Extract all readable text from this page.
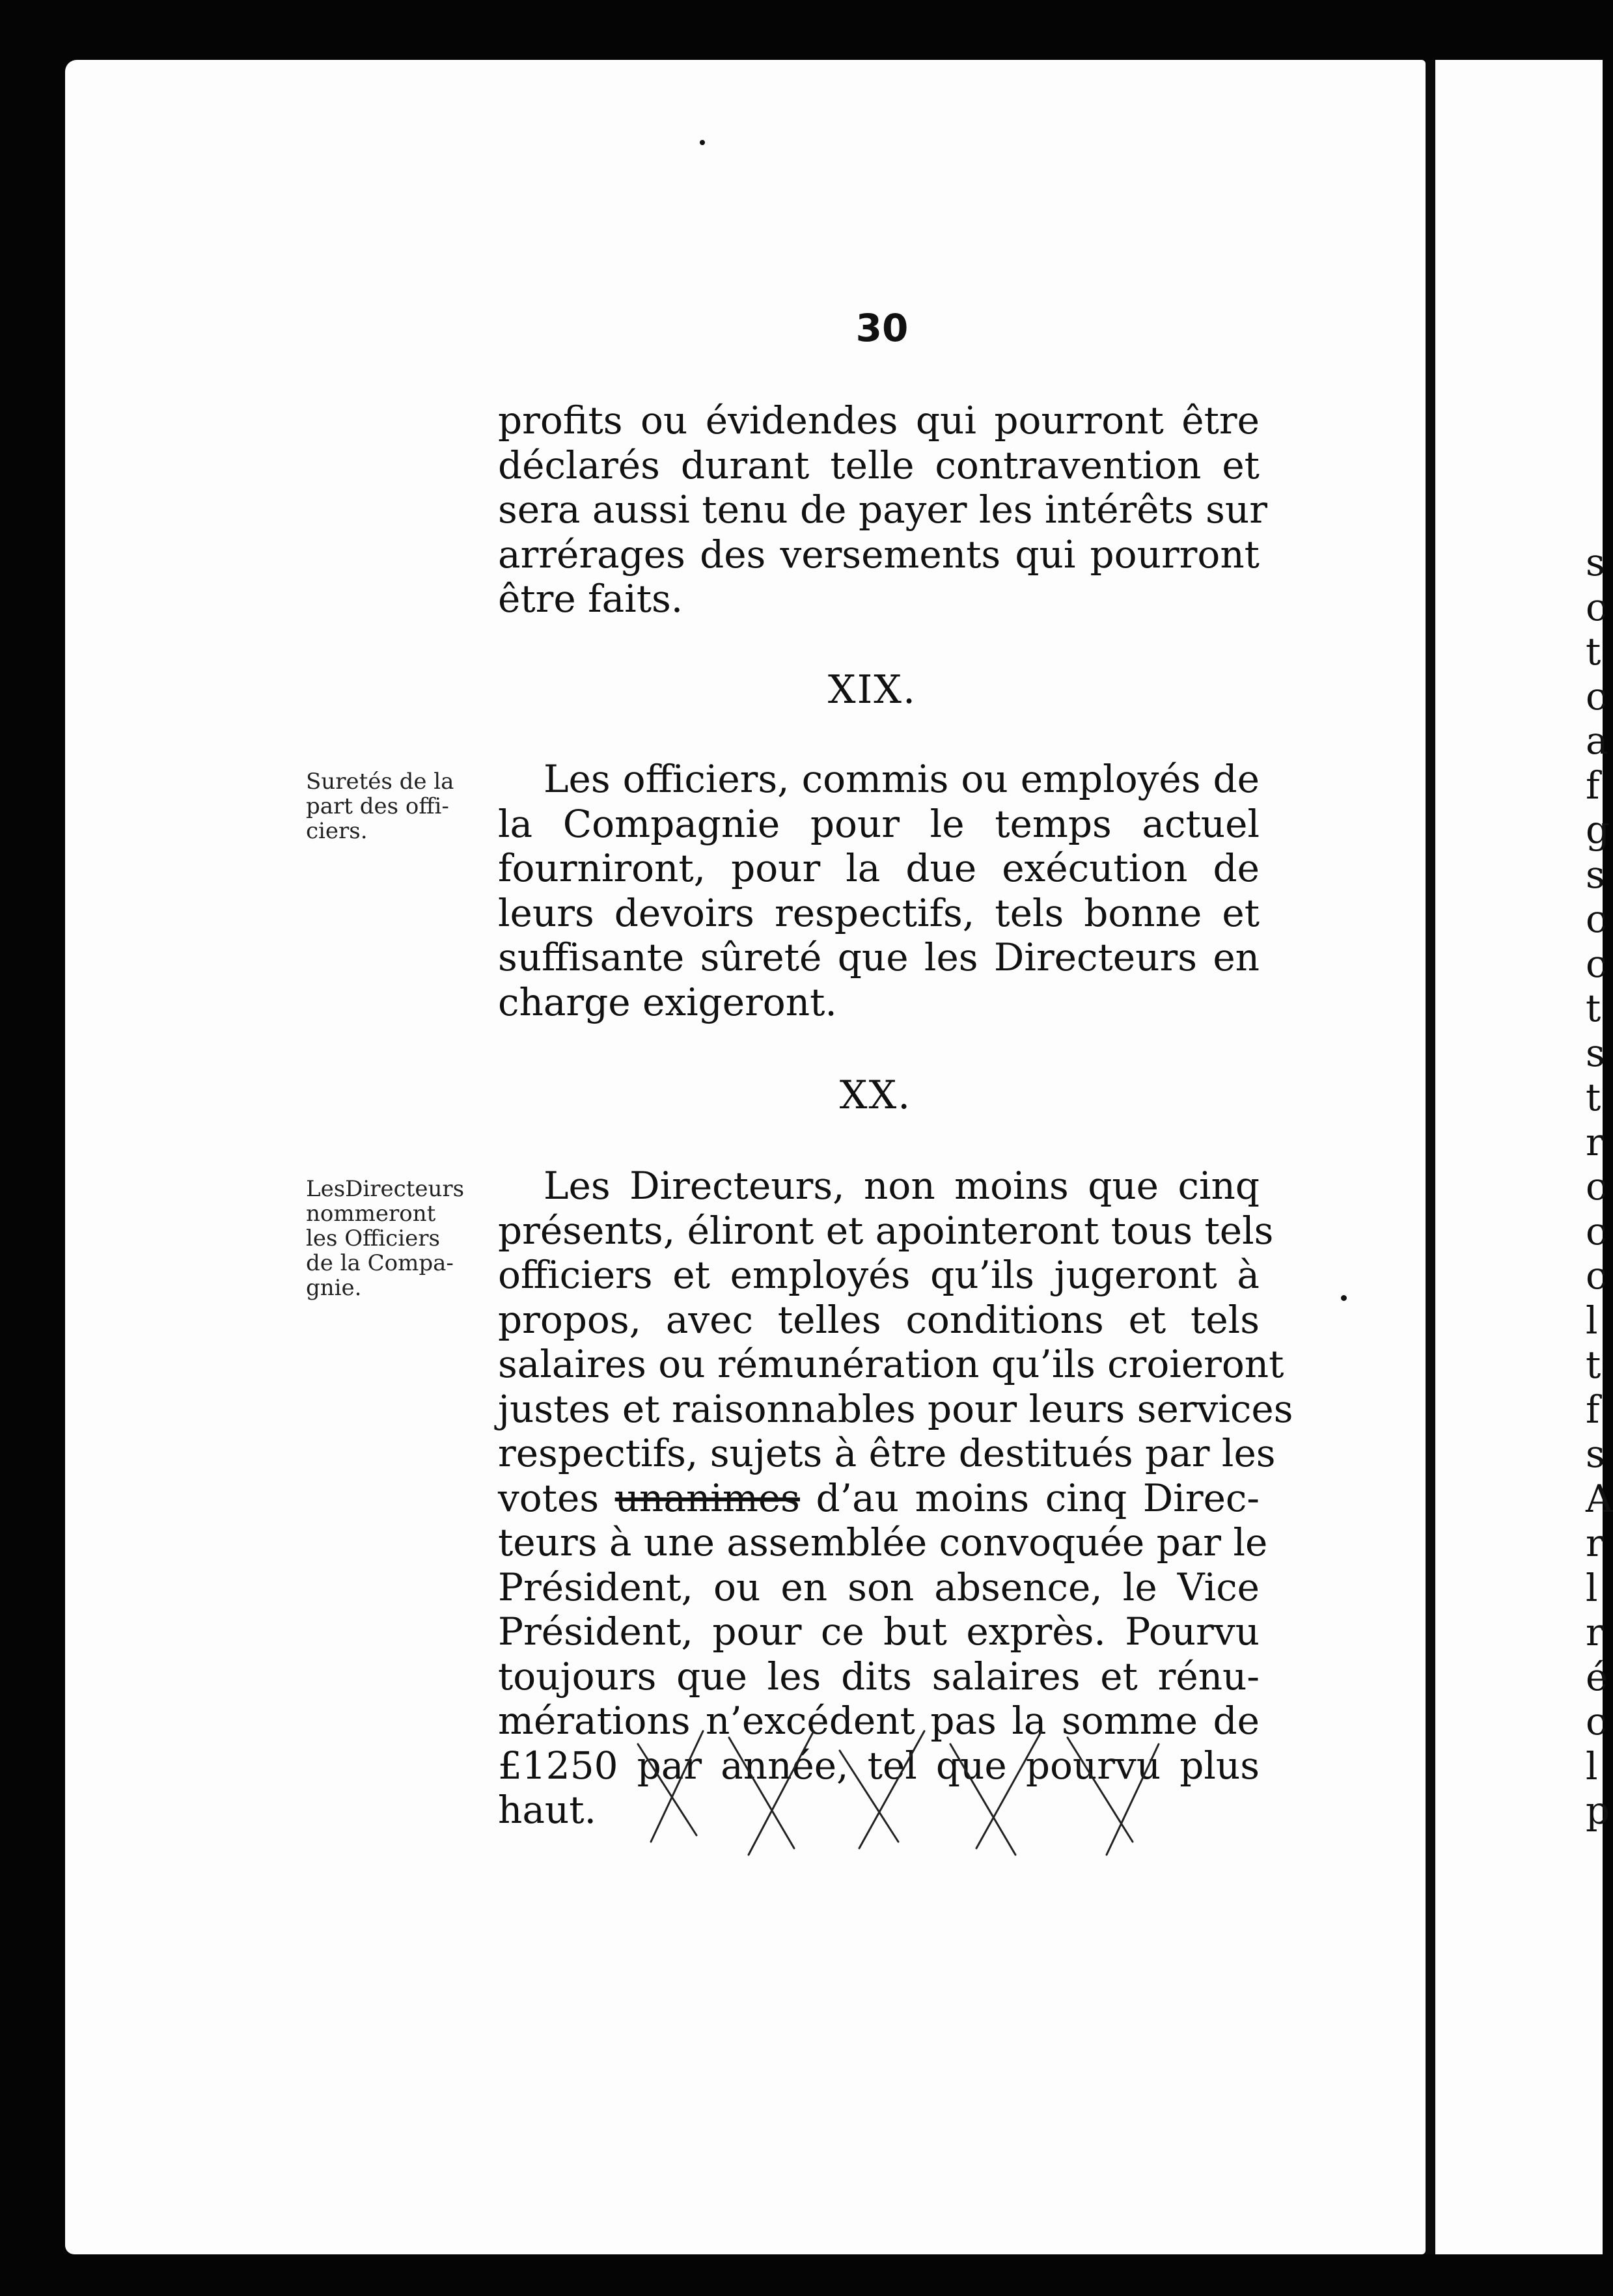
30
profits ou évidendes qui pourront être
déclarés durant telle contravention et
sera aussi tenu de payer les intérêts sur
arrérages des versements qui pourront
être faits.
XIX.
Suretés de la
part des offi-
ciers.
Les officiers, commis ou employés de
la Compagnie pour le temps actuel
fourniront, pour la due exécution de
leurs devoirs respectifs, tels bonne et
suffisante sûreté que les Directeurs en
charge exigeront.
XX.
LesDirecteurs
nommeront
les Officiers
de la Compa-
gnie.
Les Directeurs, non moins que cinq
présents, éliront et apointeront tous tels
officiers et employés qu’ils jugeront à
propos, avec telles conditions et tels
salaires ou rémunération qu’ils croieront
justes et raisonnables pour leurs services
respectifs, sujets à être destitués par les
votes unanimes d’au moins cinq Direc-
teurs à une assemblée convoquée par le
Président, ou en son absence, le Vice
Président, pour ce but exprès. Pourvu
toujours que les dits salaires et rénu-
mérations n’excédent pas la somme de
£1250 par année, tel que pourvu plus
haut.
s
c
t
c
a
f
g
s
c
c
t
s
t
r
c
c
c
l
t
f
s
A
r
l
r
é
c
l
p
